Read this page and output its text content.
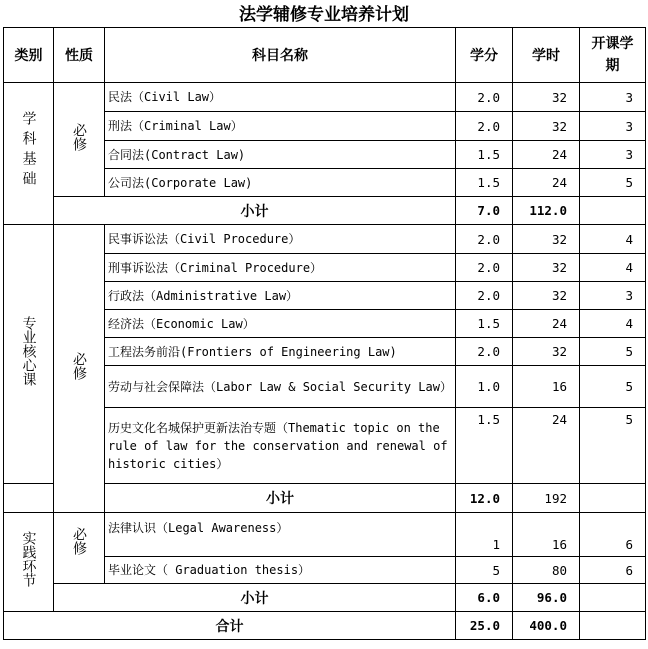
法学辅修专业培养计划
类别	性质	科目名称	学分	学时	开课学
期
学科基础	必修	民法（Civil Law）	2.0	32	3
		刑法（Criminal Law）	2.0	32	3
		合同法(Contract Law)	1.5	24	3
		公司法(Corporate Law)	1.5	24	5
	小计		7.0	112.0	
专业核心课	必修	民事诉讼法（Civil Procedure）	2.0	32	4
		刑事诉讼法（Criminal Procedure）	2.0	32	4
		行政法（Administrative Law）	2.0	32	3
		经济法（Economic Law）	1.5	24	4
		工程法务前沿(Frontiers of Engineering Law)	2.0	32	5
		劳动与社会保障法（Labor Law & Social Security Law）	1.0	16	5
		历史文化名城保护更新法治专题（Thematic topic on the rule of law for the conservation and renewal of historic cities）	1.5	24	5
		小计	12.0	192	
实践环节	必修	法律认识（Legal Awareness）	1	16	6
		毕业论文（ Graduation thesis）	5	80	6
	小计		6.0	96.0	
合计			25.0	400.0	
